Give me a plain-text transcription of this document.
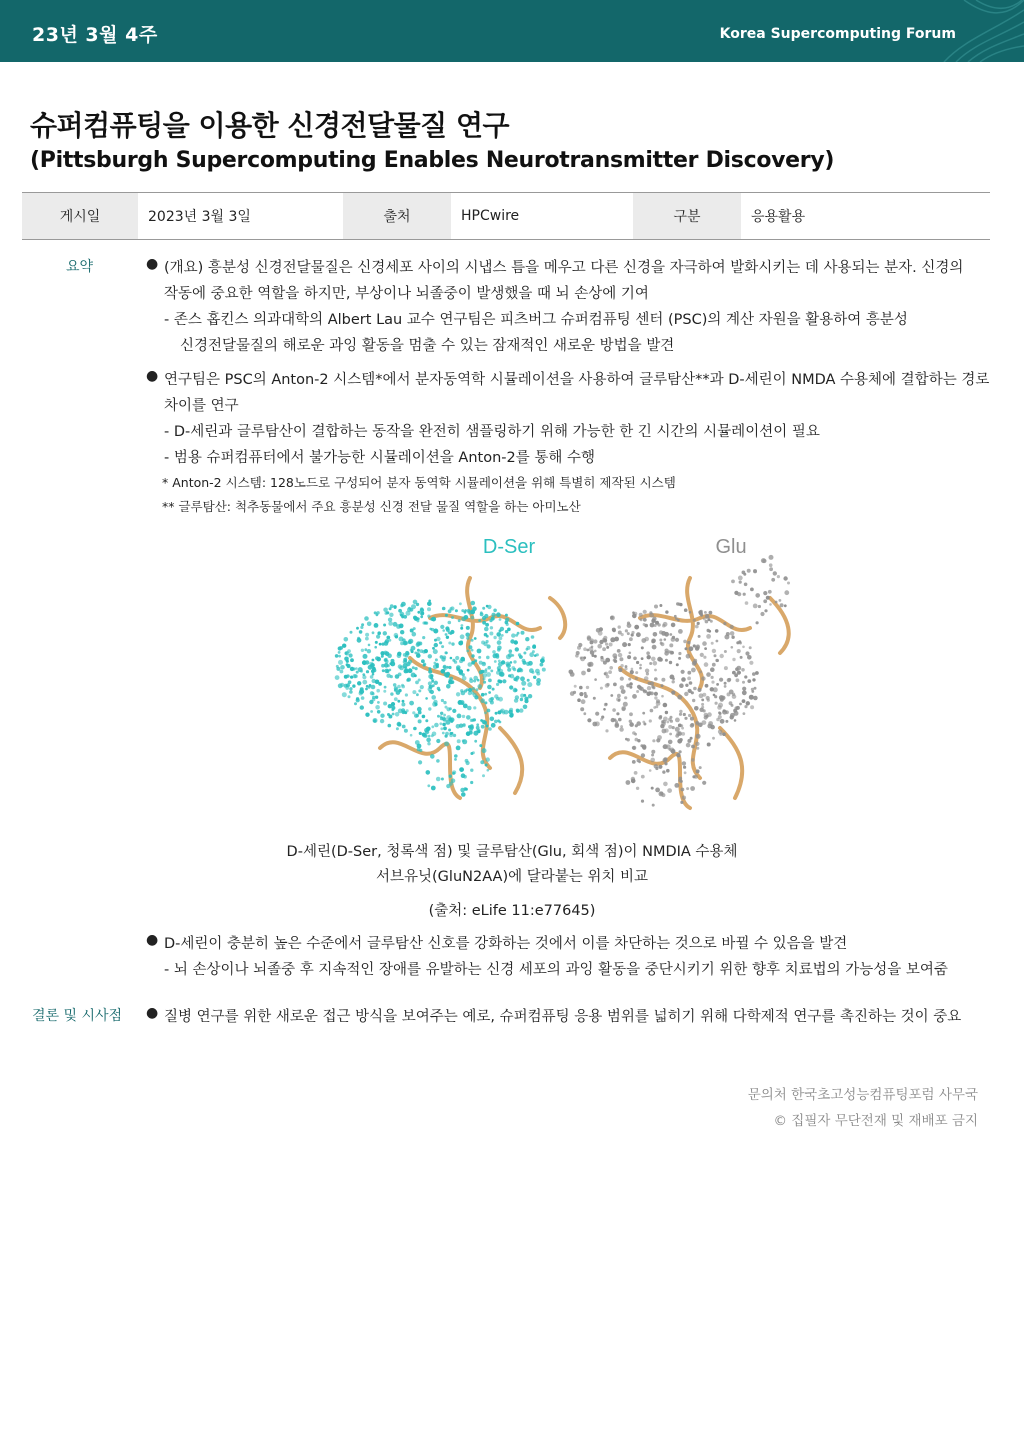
23년 3월 4주	Korea Supercomputing Forum
슈퍼컴퓨팅을 이용한 신경전달물질 연구
(Pittsburgh Supercomputing Enables Neurotransmitter Discovery)
게시일	2023년 3월 3일	출처	HPCwire	구분	응용활용
요약	● (개요) 흥분성 신경전달물질은 신경세포 사이의 시냅스 틈을 메우고 다른 신경을 자극하여 발화시키는 데 사용되는 분자. 신경의
작동에 중요한 역할을 하지만, 부상이나 뇌졸중이 발생했을 때 뇌 손상에 기여
- 존스 홉킨스 의과대학의 Albert Lau 교수 연구팀은 피츠버그 슈퍼컴퓨팅 센터 (PSC)의 계산 자원을 활용하여 흥분성
신경전달물질의 해로운 과잉 활동을 멈출 수 있는 잠재적인 새로운 방법을 발견
● 연구팀은 PSC의 Anton-2 시스템*에서 분자동역학 시뮬레이션을 사용하여 글루탐산**과 D-세린이 NMDA 수용체에 결합하는 경로
차이를 연구
- D-세린과 글루탐산이 결합하는 동작을 완전히 샘플링하기 위해 가능한 한 긴 시간의 시뮬레이션이 필요
- 범용 슈퍼컴퓨터에서 불가능한 시뮬레이션을 Anton-2를 통해 수행
* Anton-2 시스템: 128노드로 구성되어 분자 동역학 시뮬레이션을 위해 특별히 제작된 시스템
** 글루탐산: 척추동물에서 주요 흥분성 신경 전달 물질 역할을 하는 아미노산
D-Ser	Glu
D-세린(D-Ser, 청록색 점) 및 글루탐산(Glu, 회색 점)이 NMDIA 수용체
서브유닛(GluN2AA)에 달라붙는 위치 비교
(출처: eLife 11:e77645)
● D-세린이 충분히 높은 수준에서 글루탐산 신호를 강화하는 것에서 이를 차단하는 것으로 바뀔 수 있음을 발견
- 뇌 손상이나 뇌졸중 후 지속적인 장애를 유발하는 신경 세포의 과잉 활동을 중단시키기 위한 향후 치료법의 가능성을 보여줌
결론 및 시사점 ● 질병 연구를 위한 새로운 접근 방식을 보여주는 예로, 슈퍼컴퓨팅 응용 범위를 넓히기 위해 다학제적 연구를 촉진하는 것이 중요
문의처 한국초고성능컴퓨팅포럼 사무국
© 집필자 무단전재 및 재배포 금지
